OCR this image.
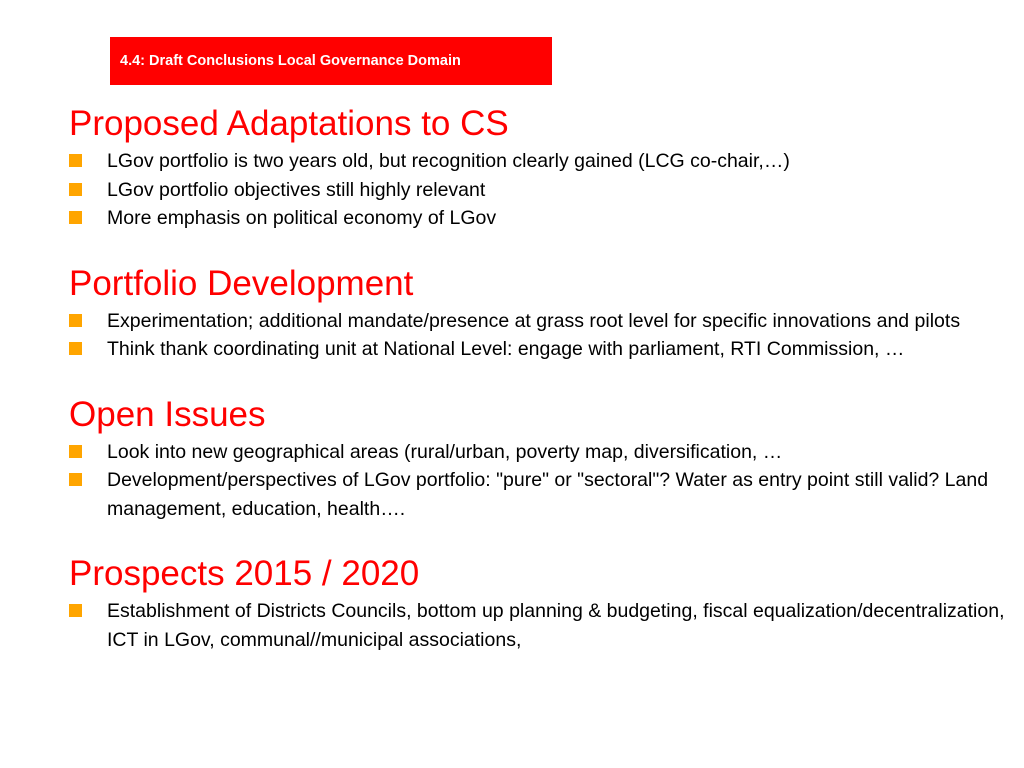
4.4: Draft Conclusions Local Governance Domain
Proposed Adaptations to CS
LGov portfolio is two years old, but recognition clearly gained (LCG co-chair,…)
LGov portfolio objectives still highly relevant
More emphasis on political economy of LGov
Portfolio Development
Experimentation; additional mandate/presence at grass root level for specific innovations and pilots
Think thank coordinating unit at National Level: engage with parliament, RTI Commission, …
Open Issues
Look into new geographical areas (rural/urban, poverty map, diversification, …
Development/perspectives of LGov portfolio: "pure" or "sectoral"? Water as entry point still valid? Land management, education, health….
Prospects 2015 / 2020
Establishment of Districts Councils, bottom up planning & budgeting, fiscal equalization/decentralization, ICT in LGov, communal//municipal associations,
